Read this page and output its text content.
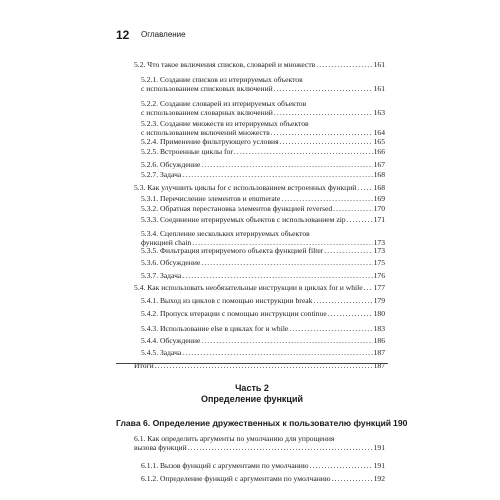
12 Оглавление
5.2. Что такое включения списков, словарей и множеств . . .	161
5.2.1. Создание списков из итерируемых объектов
с использованием списковых включений . . .	161
5.2.2. Создание словарей из итерируемых объектов
с использованием словарных включений . . .	163
5.2.3. Создание множеств из итерируемых объектов
с использованием включений множеств . . .	164
5.2.4. Применение фильтрующего условия . . .	165
5.2.5. Встроенные циклы for . . .	166
5.2.6. Обсуждение . . .	167
5.2.7. Задача . . .	168
5.3. Как улучшить циклы for с использованием встроенных функций . . . 168
5.3.1. Перечисление элементов и enumerate . . .	169
5.3.2. Обратная перестановка элементов функцией reversed . . .	170
5.3.3. Соединение итерируемых объектов с использованием zip . . .	171
5.3.4. Сцепление нескольких итерируемых объектов
функцией chain . . .	173
5.3.5. Фильтрация итерируемого объекта функцией filter . . .	173
5.3.6. Обсуждение . . .	175
5.3.7. Задача . . .	176
5.4. Как использовать необязательные инструкции в циклах for и while . . . 177
5.4.1. Выход из циклов с помощью инструкции break . . .	179
5.4.2. Пропуск итерации с помощью инструкции continue . . .	180
5.4.3. Использование else в циклах for и while . . .	183
5.4.4. Обсуждение . . .	186
5.4.5. Задача . . .	187
Итоги . . .	187
Часть 2
Определение функций
Глава 6. Определение дружественных к пользователю функций 190
6.1. Как определить аргументы по умолчанию для упрощения
вызова функций . . .	191
6.1.1. Вызов функций с аргументами по умолчанию . . .	191
6.1.2. Определение функций с аргументами по умолчанию . . .	192
